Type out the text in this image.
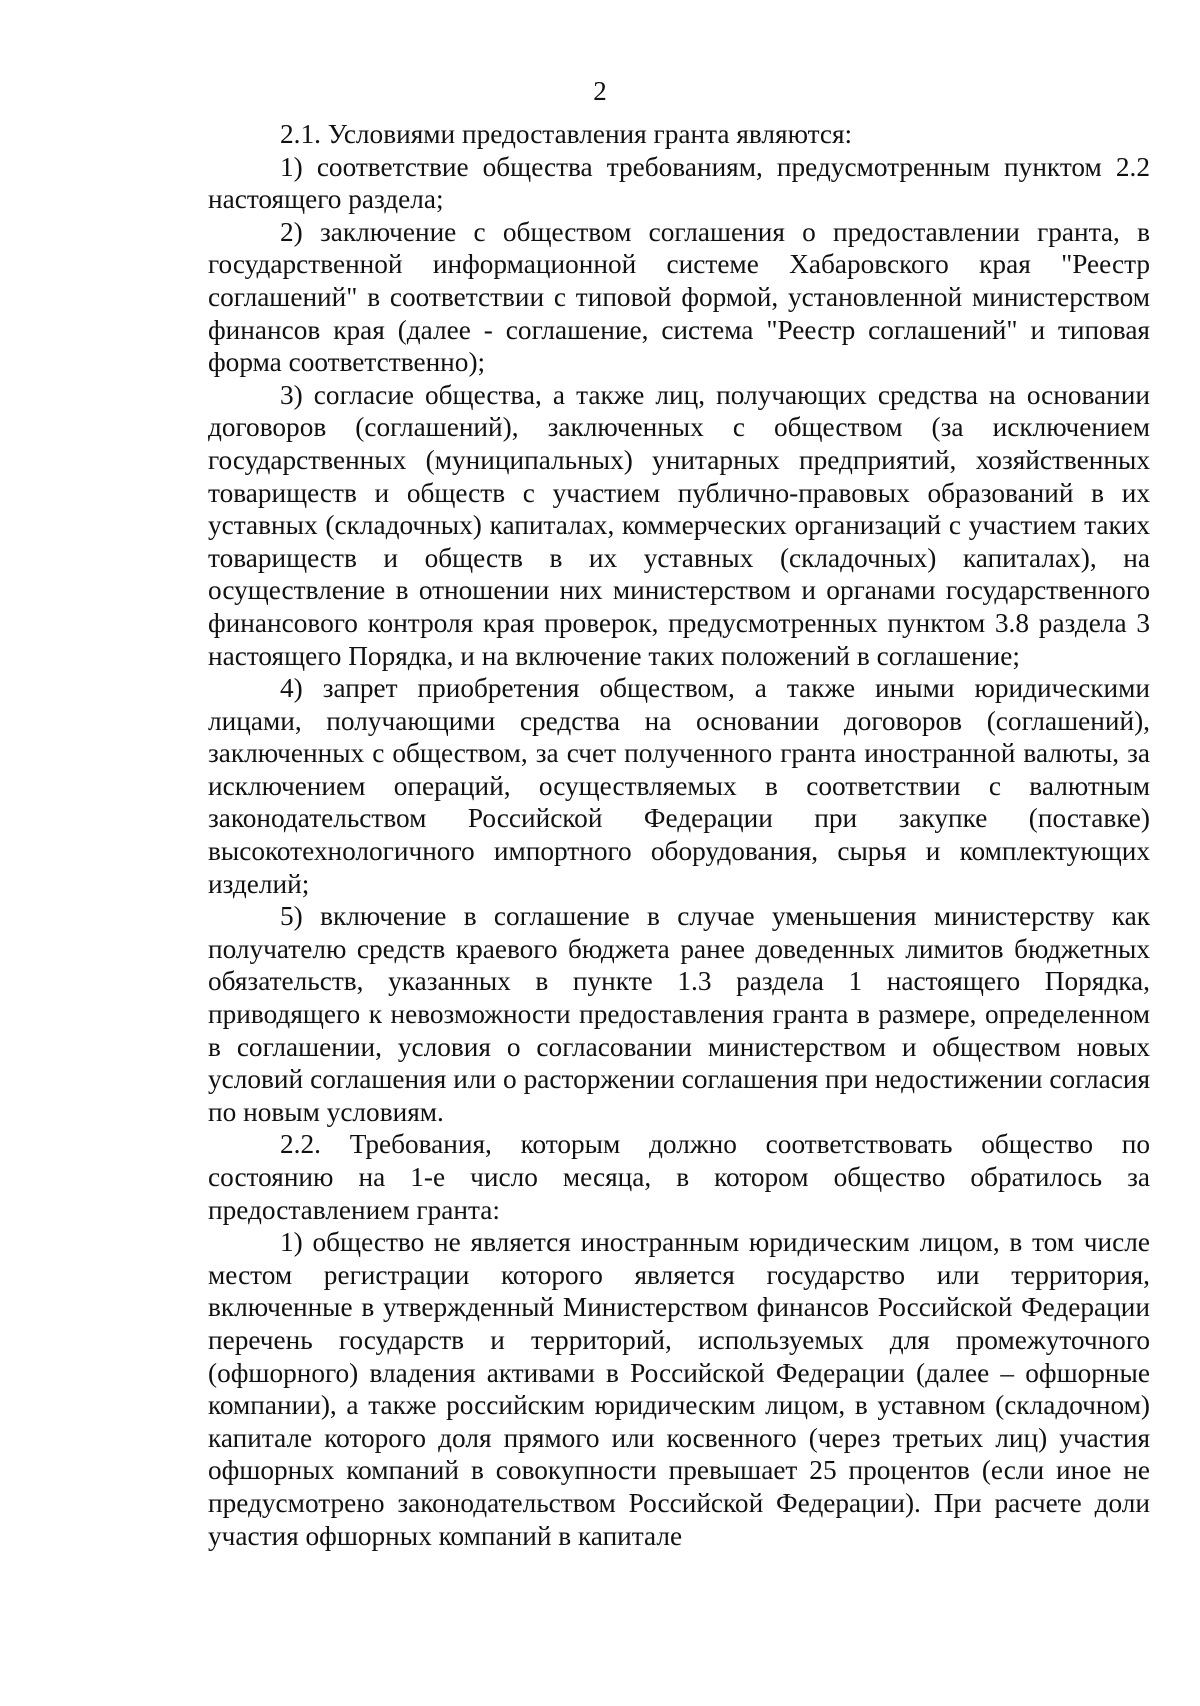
2

2.1. Условиями предоставления гранта являются:

1) соответствие общества требованиям, предусмотренным пунктом 2.2 настоящего раздела;

2) заключение с обществом соглашения о предоставлении гранта, в государственной информационной системе Хабаровского края "Реестр соглашений" в соответствии с типовой формой, установленной министерством финансов края (далее - соглашение, система "Реестр соглашений" и типовая форма соответственно);

3) согласие общества, а также лиц, получающих средства на основании договоров (соглашений), заключенных с обществом (за исключением государственных (муниципальных) унитарных предприятий, хозяйственных товариществ и обществ с участием публично-правовых образований в их уставных (складочных) капиталах, коммерческих организаций с участием таких товариществ и обществ в их уставных (складочных) капиталах), на осуществление в отношении них министерством и органами государственного финансового контроля края проверок, предусмотренных пунктом 3.8 раздела 3 настоящего Порядка, и на включение таких положений в соглашение;

4) запрет приобретения обществом, а также иными юридическими лицами, получающими средства на основании договоров (соглашений), заключенных с обществом, за счет полученного гранта иностранной валюты, за исключением операций, осуществляемых в соответствии с валютным законодательством Российской Федерации при закупке (поставке) высокотехнологичного импортного оборудования, сырья и комплектующих изделий;

5) включение в соглашение в случае уменьшения министерству как получателю средств краевого бюджета ранее доведенных лимитов бюджетных обязательств, указанных в пункте 1.3 раздела 1 настоящего Порядка, приводящего к невозможности предоставления гранта в размере, определенном в соглашении, условия о согласовании министерством и обществом новых условий соглашения или о расторжении соглашения при недостижении согласия по новым условиям.

2.2. Требования, которым должно соответствовать общество по состоянию на 1-е число месяца, в котором общество обратилось за предоставлением гранта:

1) общество не является иностранным юридическим лицом, в том числе местом регистрации которого является государство или территория, включенные в утвержденный Министерством финансов Российской Федерации перечень государств и территорий, используемых для промежуточного (офшорного) владения активами в Российской Федерации (далее – офшорные компании), а также российским юридическим лицом, в уставном (складочном) капитале которого доля прямого или косвенного (через третьих лиц) участия офшорных компаний в совокупности превышает 25 процентов (если иное не предусмотрено законодательством Российской Федерации). При расчете доли участия офшорных компаний в капитале
